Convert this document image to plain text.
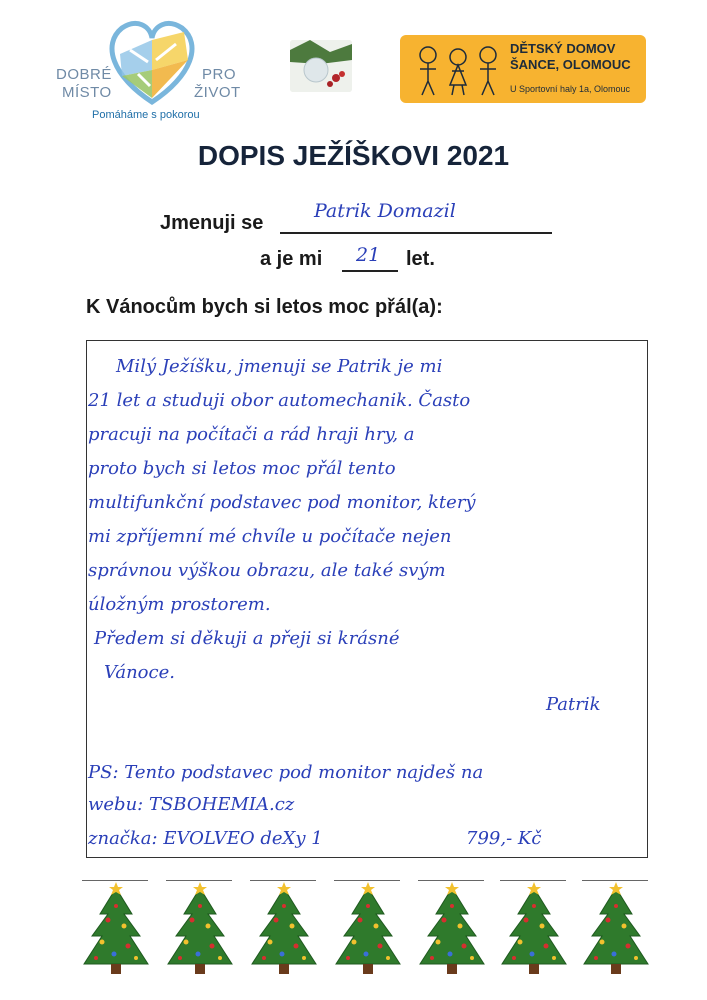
DOBRÉ	PRO
MÍSTO	ŽIVOT
Pomáháme s pokorou
DĚTSKÝ DOMOV
ŠANCE, OLOMOUC
U Sportovní haly 1a, Olomouc
DOPIS JEŽÍŠKOVI 2021
Jmenuji se
Patrik Domazil
a je mi 21 let.
K Vánocům bych si letos moc přál(a):
Milý Ježíšku, jmenuji se Patrik je mi
21 let a studuji obor automechanik. Často
pracuji na počítači a rád hraji hry, a
proto bych si letos moc přál tento
multifunkční podstavec pod monitor, který
mi zpříjemní mé chvíle u počítače nejen
správnou výškou obrazu, ale také svým
úložným prostorem.
Předem si děkuji a přeji si krásné
Vánoce.
Patrik
PS: Tento podstavec pod monitor najdeš na
webu: TSBOHEMIA.cz
značka: EVOLVEO deXy 1	799,- Kč
